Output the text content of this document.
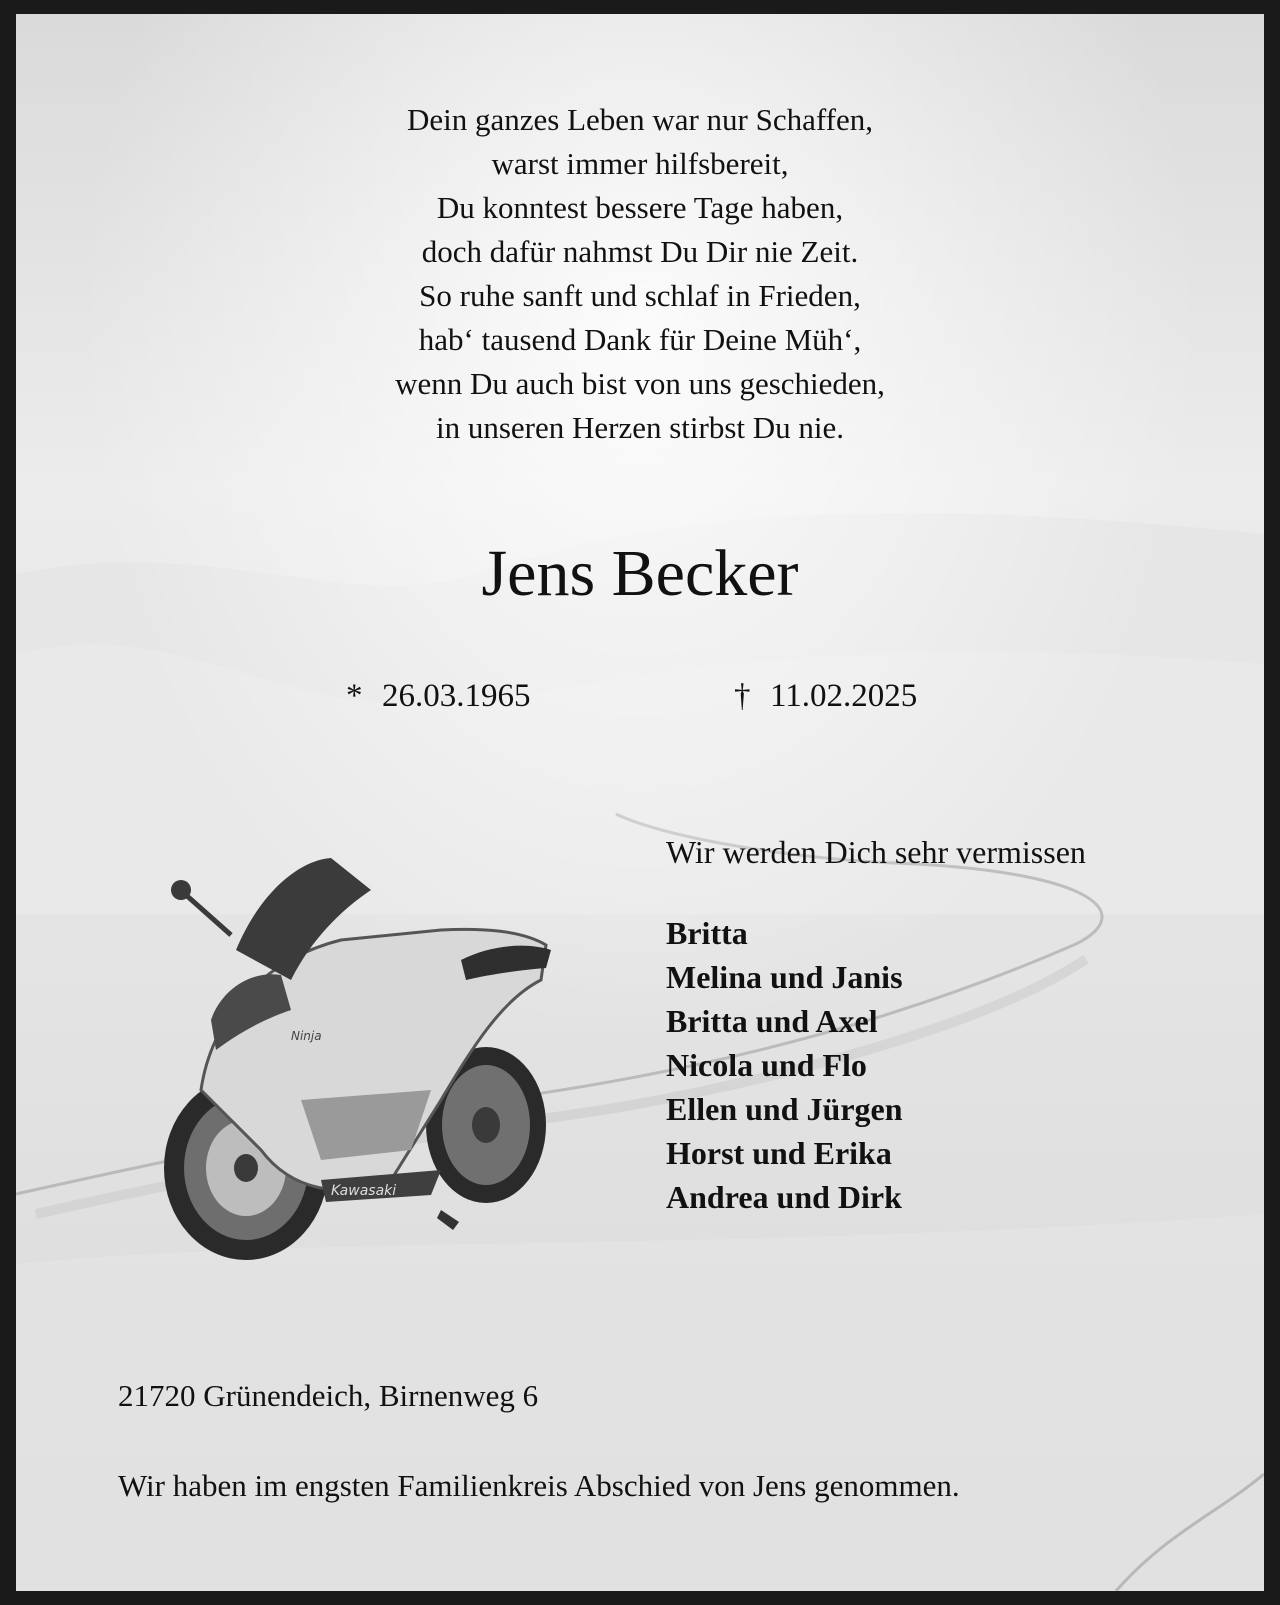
Dein ganzes Leben war nur Schaffen,
warst immer hilfsbereit,
Du konntest bessere Tage haben,
doch dafür nahmst Du Dir nie Zeit.
So ruhe sanft und schlaf in Frieden,
hab‘ tausend Dank für Deine Müh‘,
wenn Du auch bist von uns geschieden,
in unseren Herzen stirbst Du nie.
Jens Becker
* 26.03.1965	† 11.02.2025
Kawasaki
Ninja
Wir werden Dich sehr vermissen
Britta
Melina und Janis
Britta und Axel
Nicola und Flo
Ellen und Jürgen
Horst und Erika
Andrea und Dirk
21720 Grünendeich, Birnenweg 6
Wir haben im engsten Familienkreis Abschied von Jens genommen.
